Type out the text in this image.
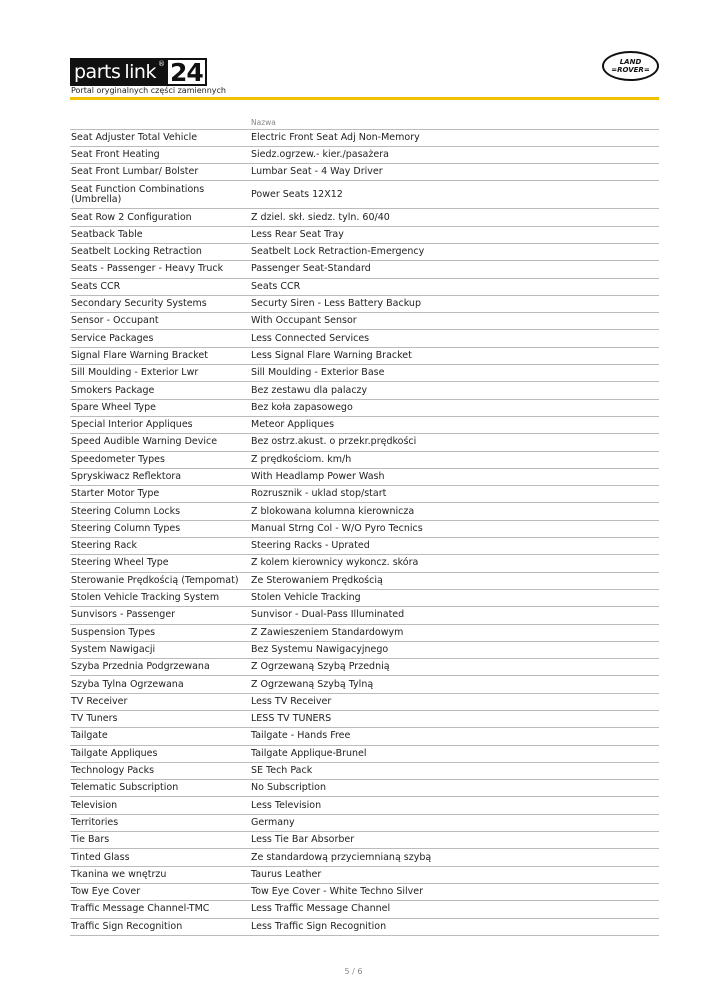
parts link ® 24
Portal oryginalnych części zamiennych
LAND
=ROVER=
	Nazwa
Seat Adjuster Total Vehicle	Electric Front Seat Adj Non-Memory
Seat Front Heating	Siedz.ogrzew.- kier./pasażera
Seat Front Lumbar/ Bolster	Lumbar Seat - 4 Way Driver
Seat Function Combinations (Umbrella)	Power Seats 12X12
Seat Row 2 Configuration	Z dziel. skł. siedz. tyln. 60/40
Seatback Table	Less Rear Seat Tray
Seatbelt Locking Retraction	Seatbelt Lock Retraction-Emergency
Seats - Passenger - Heavy Truck	Passenger Seat-Standard
Seats CCR	Seats CCR
Secondary Security Systems	Securty Siren - Less Battery Backup
Sensor - Occupant	With Occupant Sensor
Service Packages	Less Connected Services
Signal Flare Warning Bracket	Less Signal Flare Warning Bracket
Sill Moulding - Exterior Lwr	Sill Moulding - Exterior Base
Smokers Package	Bez zestawu dla palaczy
Spare Wheel Type	Bez koła zapasowego
Special Interior Appliques	Meteor Appliques
Speed Audible Warning Device	Bez ostrz.akust. o przekr.prędkości
Speedometer Types	Z prędkościom. km/h
Spryskiwacz Reflektora	With Headlamp Power Wash
Starter Motor Type	Rozrusznik - uklad stop/start
Steering Column Locks	Z blokowana kolumna kierownicza
Steering Column Types	Manual Strng Col - W/O Pyro Tecnics
Steering Rack	Steering Racks - Uprated
Steering Wheel Type	Z kolem kierownicy wykoncz. skóra
Sterowanie Prędkością (Tempomat)	Ze Sterowaniem Prędkością
Stolen Vehicle Tracking System	Stolen Vehicle Tracking
Sunvisors - Passenger	Sunvisor - Dual-Pass Illuminated
Suspension Types	Z Zawieszeniem Standardowym
System Nawigacji	Bez Systemu Nawigacyjnego
Szyba Przednia Podgrzewana	Z Ogrzewaną Szybą Przednią
Szyba Tylna Ogrzewana	Z Ogrzewaną Szybą Tylną
TV Receiver	Less TV Receiver
TV Tuners	LESS TV TUNERS
Tailgate	Tailgate - Hands Free
Tailgate Appliques	Tailgate Applique-Brunel
Technology Packs	SE Tech Pack
Telematic Subscription	No Subscription
Television	Less Television
Territories	Germany
Tie Bars	Less Tie Bar Absorber
Tinted Glass	Ze standardową przyciemnianą szybą
Tkanina we wnętrzu	Taurus Leather
Tow Eye Cover	Tow Eye Cover - White Techno Silver
Traffic Message Channel-TMC	Less Traffic Message Channel
Traffic Sign Recognition	Less Traffic Sign Recognition
5 / 6
